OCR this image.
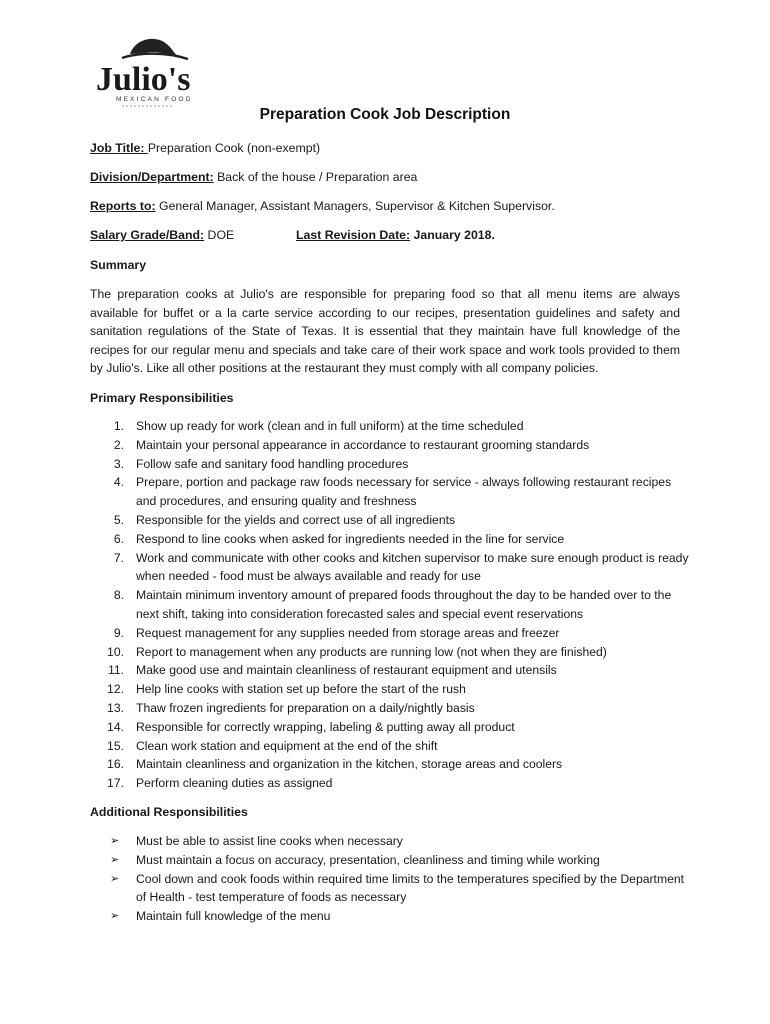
Julio's
MEXICAN FOOD
Preparation Cook Job Description
Job Title: Preparation Cook (non-exempt)
Division/Department: Back of the house / Preparation area
Reports to: General Manager, Assistant Managers, Supervisor & Kitchen Supervisor.
Salary Grade/Band: DOE	Last Revision Date: January 2018.
Summary

The preparation cooks at Julio's are responsible for preparing food so that all menu items are always available for buffet or a la carte service according to our recipes, presentation guidelines and safety and sanitation regulations of the State of Texas. It is essential that they maintain have full knowledge of the recipes for our regular menu and specials and take care of their work space and work tools provided to them by Julio's. Like all other positions at the restaurant they must comply with all company policies.

Primary Responsibilities
1. Show up ready for work (clean and in full uniform) at the time scheduled
2. Maintain your personal appearance in accordance to restaurant grooming standards
3. Follow safe and sanitary food handling procedures
4. Prepare, portion and package raw foods necessary for service - always following restaurant recipes and procedures, and ensuring quality and freshness
5. Responsible for the yields and correct use of all ingredients
6. Respond to line cooks when asked for ingredients needed in the line for service
7. Work and communicate with other cooks and kitchen supervisor to make sure enough product is ready when needed - food must be always available and ready for use
8. Maintain minimum inventory amount of prepared foods throughout the day to be handed over to the next shift, taking into consideration forecasted sales and special event reservations
9. Request management for any supplies needed from storage areas and freezer
10. Report to management when any products are running low (not when they are finished)
11. Make good use and maintain cleanliness of restaurant equipment and utensils
12. Help line cooks with station set up before the start of the rush
13. Thaw frozen ingredients for preparation on a daily/nightly basis
14. Responsible for correctly wrapping, labeling & putting away all product
15. Clean work station and equipment at the end of the shift
16. Maintain cleanliness and organization in the kitchen, storage areas and coolers
17. Perform cleaning duties as assigned
Additional Responsibilities
➢ Must be able to assist line cooks when necessary
➢ Must maintain a focus on accuracy, presentation, cleanliness and timing while working
➢ Cool down and cook foods within required time limits to the temperatures specified by the Department of Health - test temperature of foods as necessary
➢ Maintain full knowledge of the menu
